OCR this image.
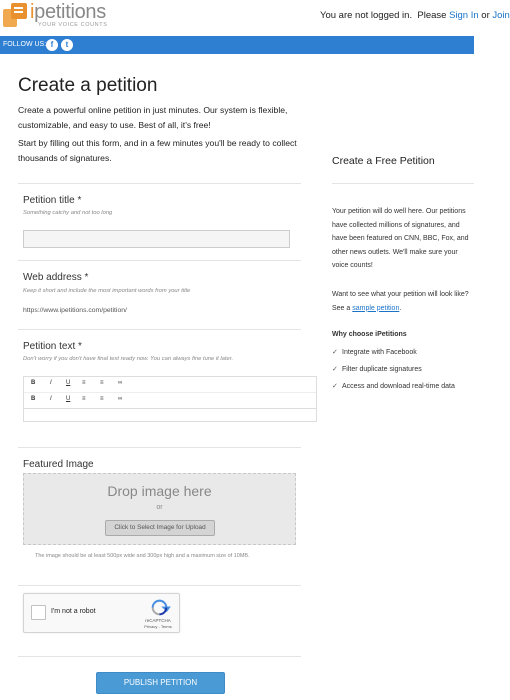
ipetitions
YOUR VOICE COUNTS
You are not logged in. Please Sign In or Join
FOLLOW US: f	t
Create a petition

Create a powerful online petition in just minutes. Our system is flexible, customizable, and easy to use. Best of all, it's free!

Start by filling out this form, and in a few minutes you'll be ready to collect thousands of signatures.

Petition title *
Something catchy and not too long
Web address *
Keep it short and include the most important words from your title
https://www.ipetitions.com/petition/
Petition text *
Don't worry if you don't have final text ready now. You can always fine tune it later.
B I U ≡ ≡ ∞
B I U ≡ ≡ ∞
Featured Image
Drop image here
or
Click to Select Image for Upload
The image should be at least 500px wide and 300px high and a maximum size of 10MB.
I'm not a robot
reCAPTCHA
Privacy - Terms
PUBLISH PETITION
Create a Free Petition

Your petition will do well here. Our petitions have collected millions of signatures, and have been featured on CNN, BBC, Fox, and other news outlets. We'll make sure your voice counts!

Want to see what your petition will look like? See a sample petition.

Why choose iPetitions
✓ Integrate with Facebook
✓ Filter duplicate signatures
✓ Access and download real-time data
